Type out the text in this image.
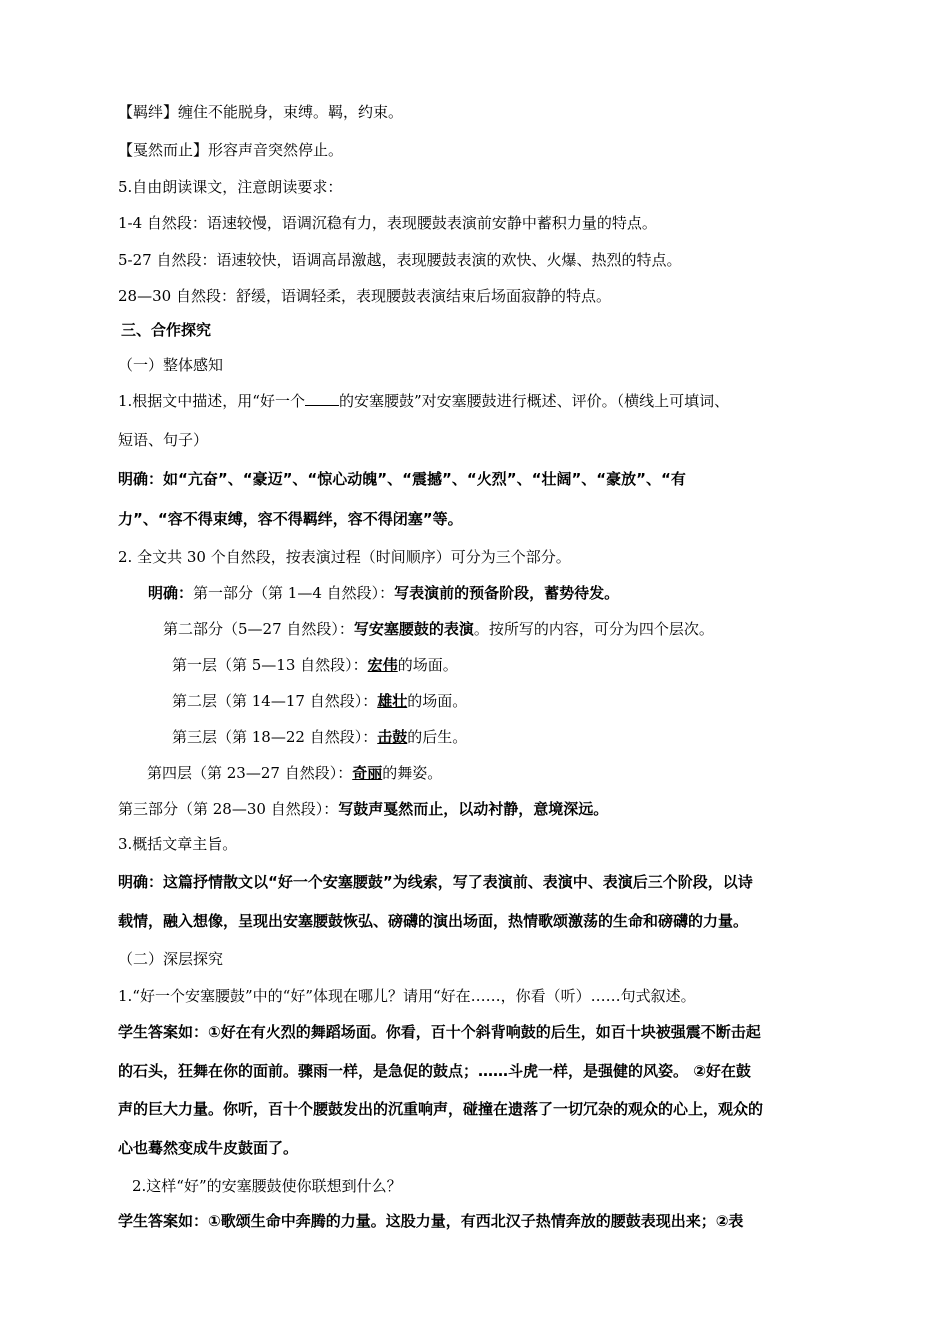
【羁绊】缠住不能脱身，束缚。羁，约束。
【戛然而止】形容声音突然停止。
5.自由朗读课文，注意朗读要求：
1-4 自然段：语速较慢，语调沉稳有力，表现腰鼓表演前安静中蓄积力量的特点。
5-27 自然段：语速较快，语调高昂激越，表现腰鼓表演的欢快、火爆、热烈的特点。
28—30 自然段：舒缓，语调轻柔，表现腰鼓表演结束后场面寂静的特点。
三、合作探究
（一）整体感知
1.根据文中描述，用“好一个 的安塞腰鼓”对安塞腰鼓进行概述、评价。（横线上可填词、
短语、句子）
明确：如“亢奋”、“豪迈”、“惊心动魄”、“震撼”、“火烈”、“壮阔”、“豪放”、“有
力”、“容不得束缚，容不得羁绊，容不得闭塞”等。
2. 全文共 30 个自然段，按表演过程（时间顺序）可分为三个部分。
明确：第一部分（第 1—4 自然段）：写表演前的预备阶段，蓄势待发。
第二部分（5—27 自然段）：写安塞腰鼓的表演。按所写的内容，可分为四个层次。
第一层（第 5—13 自然段）：宏伟的场面。
第二层（第 14—17 自然段）：雄壮的场面。
第三层（第 18—22 自然段）：击鼓的后生。
第四层（第 23—27 自然段）：奇丽的舞姿。
第三部分（第 28—30 自然段）：写鼓声戛然而止，以动衬静，意境深远。
3.概括文章主旨。
明确：这篇抒情散文以“好一个安塞腰鼓”为线索，写了表演前、表演中、表演后三个阶段，以诗
载情，融入想像，呈现出安塞腰鼓恢弘、磅礴的演出场面，热情歌颂激荡的生命和磅礴的力量。
（二）深层探究
1.“好一个安塞腰鼓”中的“好”体现在哪儿？请用“好在……，你看（听）……句式叙述。
学生答案如：①好在有火烈的舞蹈场面。你看，百十个斜背响鼓的后生，如百十块被强震不断击起
的石头，狂舞在你的面前。骤雨一样，是急促的鼓点；……斗虎一样，是强健的风姿。 ②好在鼓
声的巨大力量。你听，百十个腰鼓发出的沉重响声，碰撞在遗落了一切冗杂的观众的心上，观众的
心也蓦然变成牛皮鼓面了。
2.这样“好”的安塞腰鼓使你联想到什么？
学生答案如：①歌颂生命中奔腾的力量。这股力量，有西北汉子热情奔放的腰鼓表现出来；②表
